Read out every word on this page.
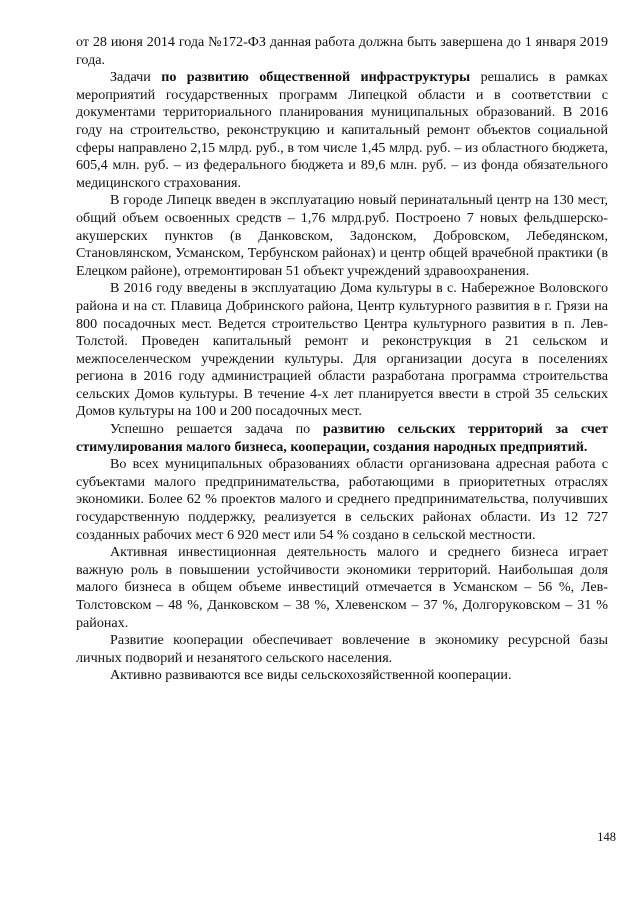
от 28 июня 2014 года №172-ФЗ данная работа должна быть завершена до 1 января 2019 года.

Задачи по развитию общественной инфраструктуры решались в рамках мероприятий государственных программ Липецкой области и в соответствии с документами территориального планирования муниципальных образований. В 2016 году на строительство, реконструкцию и капитальный ремонт объектов социальной сферы направлено 2,15 млрд. руб., в том числе 1,45 млрд. руб. – из областного бюджета, 605,4 млн. руб. – из федерального бюджета и 89,6 млн. руб. – из фонда обязательного медицинского страхования.

В городе Липецк введен в эксплуатацию новый перинатальный центр на 130 мест, общий объем освоенных средств – 1,76 млрд.руб. Построено 7 новых фельдшерско-акушерских пунктов (в Данковском, Задонском, Добровском, Лебедянском, Становлянском, Усманском, Тербунском районах) и центр общей врачебной практики (в Елецком районе), отремонтирован 51 объект учреждений здравоохранения.

В 2016 году введены в эксплуатацию Дома культуры в с. Набережное Воловского района и на ст. Плавица Добринского района, Центр культурного развития в г. Грязи на 800 посадочных мест. Ведется строительство Центра культурного развития в п. Лев-Толстой. Проведен капитальный ремонт и реконструкция в 21 сельском и межпоселенческом учреждении культуры. Для организации досуга в поселениях региона в 2016 году администрацией области разработана программа строительства сельских Домов культуры. В течение 4-х лет планируется ввести в строй 35 сельских Домов культуры на 100 и 200 посадочных мест.

Успешно решается задача по развитию сельских территорий за счет стимулирования малого бизнеса, кооперации, создания народных предприятий.

Во всех муниципальных образованиях области организована адресная работа с субъектами малого предпринимательства, работающими в приоритетных отраслях экономики. Более 62 % проектов малого и среднего предпринимательства, получивших государственную поддержку, реализуется в сельских районах области. Из 12 727 созданных рабочих мест 6 920 мест или 54 % создано в сельской местности.

Активная инвестиционная деятельность малого и среднего бизнеса играет важную роль в повышении устойчивости экономики территорий. Наибольшая доля малого бизнеса в общем объеме инвестиций отмечается в Усманском – 56 %, Лев-Толстовском – 48 %, Данковском – 38 %, Хлевенском – 37 %, Долгоруковском – 31 % районах.

Развитие кооперации обеспечивает вовлечение в экономику ресурсной базы личных подворий и незанятого сельского населения.

Активно развиваются все виды сельскохозяйственной кооперации.

148
